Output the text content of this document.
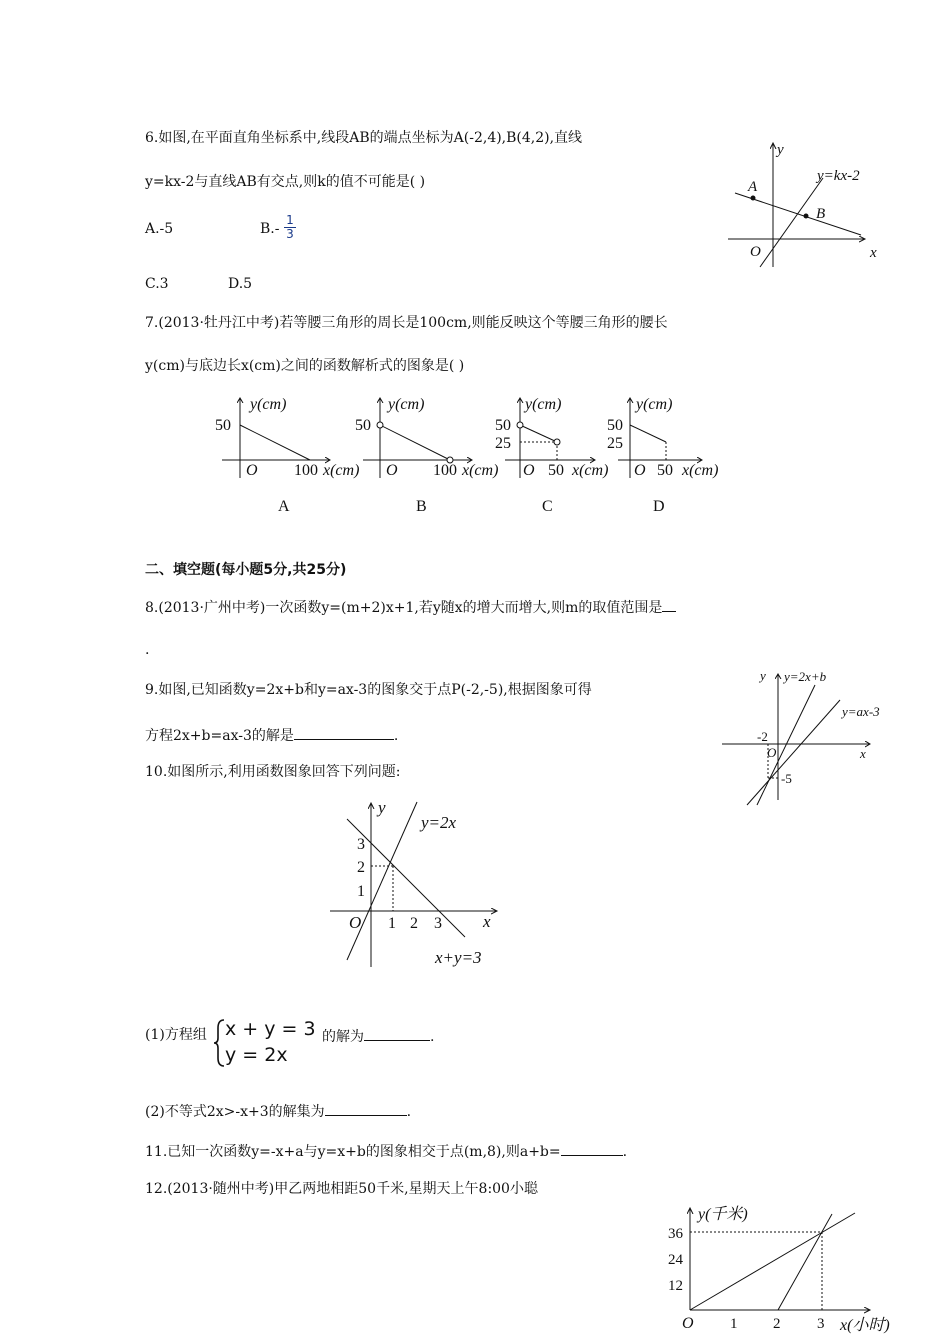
6.如图,在平面直角坐标系中,线段AB的端点坐标为A(-2,4),B(4,2),直线
y=kx-2与直线AB有交点,则k的值不可能是( )
A.-5	$B.- \frac{1}{3}$
C.3	D.5
y
x
O
A
B
y=kx-2
7.(2013·牡丹江中考)若等腰三角形的周长是100cm,则能反映这个等腰三角形的腰长
y(cm)与底边长x(cm)之间的函数解析式的图象是( )
y(cm)
50
O 100 x(cm)
A
y(cm)
50
O 100 x(cm)
B
y(cm)
50
25
O 50 x(cm)
C
y(cm)
50
25
O 50 x(cm)
D
二、填空题(每小题5分,共25分)
8.(2013·广州中考)一次函数y=(m+2)x+1,若y随x的增大而增大,则m的取值范围是
.
9.如图,已知函数y=2x+b和y=ax-3的图象交于点P(-2,-5),根据图象可得
方程2x+b=ax-3的解是	.
y y=2x+b
y=ax-3
-2
O	x
-5
10.如图所示,利用函数图象回答下列问题:
y
y=2x
3
2
1
O 1 2 3 x
x+y=3
(1)方程组 x + y = 3
y = 2x
的解为	.
(2)不等式2x>-x+3的解集为	.
11.已知一次函数y=-x+a与y=x+b的图象相交于点(m,8),则a+b=	.
12.(2013·随州中考)甲乙两地相距50千米,星期天上午8:00小聪
y(千米)
36
24
12
O 1 2 3 x(小时)
